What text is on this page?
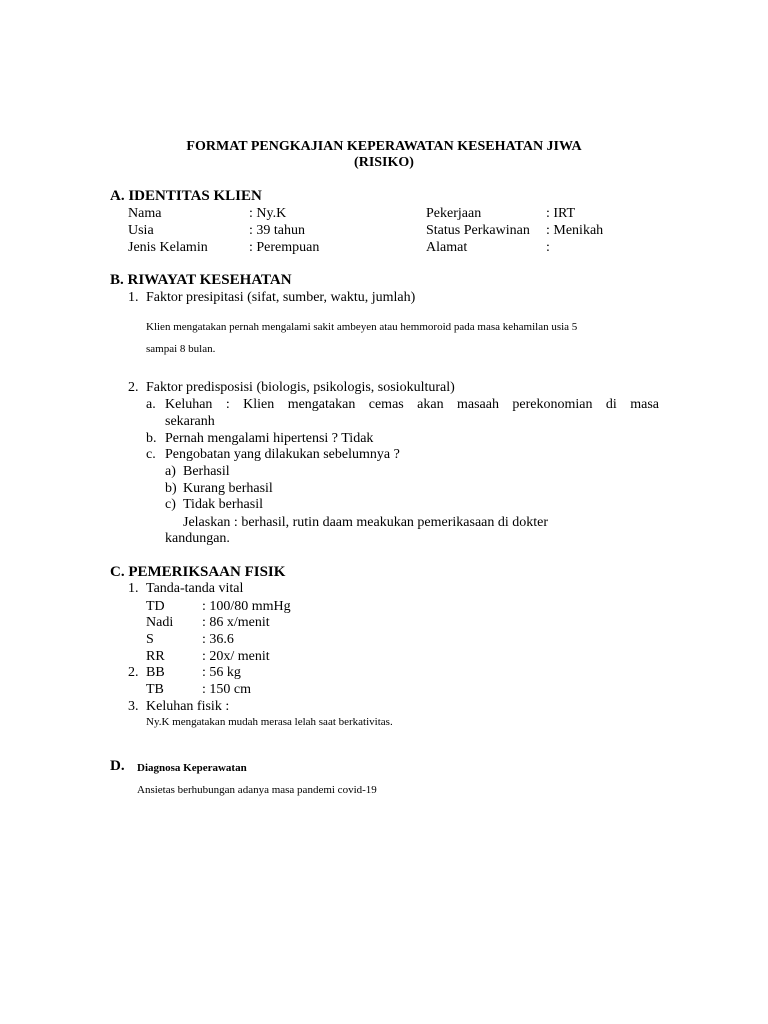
FORMAT PENGKAJIAN KEPERAWATAN KESEHATAN JIWA
(RISIKO)
A. IDENTITAS KLIEN
Nama	: Ny.K	Pekerjaan	: IRT
Usia	: 39 tahun	Status Perkawinan : Menikah
Jenis Kelamin	: Perempuan	Alamat	:
B. RIWAYAT KESEHATAN
1. Faktor presipitasi (sifat, sumber, waktu, jumlah)
Klien mengatakan pernah mengalami sakit ambeyen atau hemmoroid pada masa kehamilan usia 5
sampai 8 bulan.
2. Faktor predisposisi (biologis, psikologis, sosiokultural)
a. Keluhan : Klien mengatakan cemas akan masaah perekonomian di masa
sekaranh
b. Pernah mengalami hipertensi ? Tidak
c. Pengobatan yang dilakukan sebelumnya ?
a) Berhasil
b) Kurang berhasil
c) Tidak berhasil
Jelaskan : berhasil, rutin daam meakukan pemerikasaan di dokter
kandungan.
C. PEMERIKSAAN FISIK
1. Tanda-tanda vital
TD	: 100/80 mmHg
Nadi : 86 x/menit
S	: 36.6
RR	: 20x/ menit
2. BB	: 56 kg
TB	: 150 cm
3. Keluhan fisik :
Ny.K mengatakan mudah merasa lelah saat berkativitas.
D. Diagnosa Keperawatan
Ansietas berhubungan adanya masa pandemi covid-19
